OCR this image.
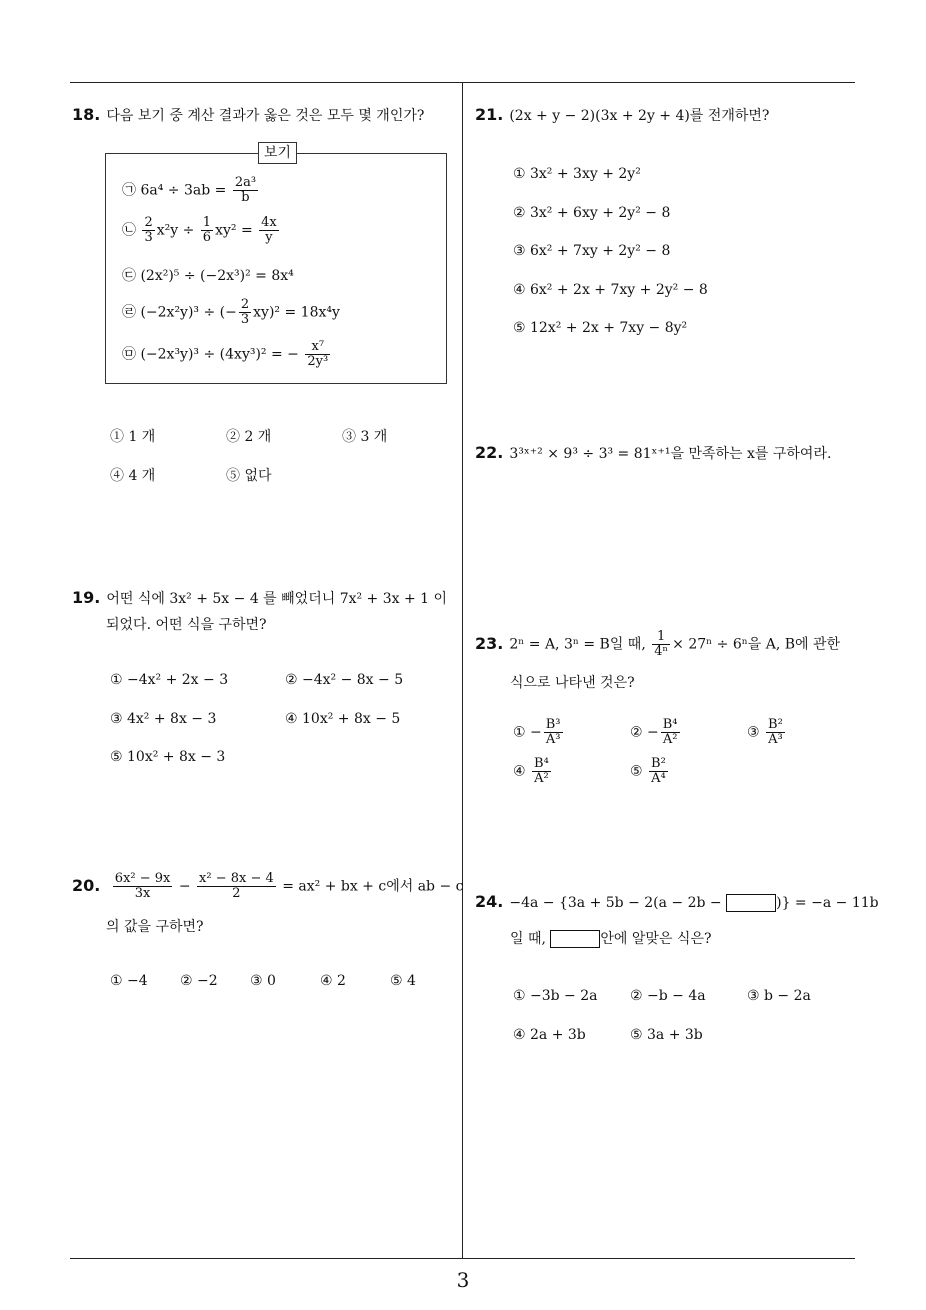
18. 다음 보기 중 계산 결과가 옳은 것은 모두 몇 개인가?
보기
㉠ $6a^4 \div 3ab = \frac{\text{2a³}}{b}$
㉡ $\frac{2}{3} x^2y \div \frac{1}{6} xy^2 = \frac{4x}{y}$
㉢ (2x²)⁵ ÷ (−2x³)² = 8x⁴
㉣ (−2x²y)³ ÷ (− $\frac{2}{3} xy)^2 = 18x^4y$
㉤ (−2x³y)³ ÷ (4xy³)² = − $\frac{\text{x⁷}}{\text{2y³}}$
① 1 개	② 2 개	③ 3 개
④ 4 개	⑤ 없다
19. 어떤 식에 3x² + 5x − 4 를 빼었더니 7x² + 3x + 1 이
되었다. 어떤 식을 구하면?
① −4x² + 2x − 3	② −4x² − 8x − 5
③ 4x² + 8x − 3	④ 10x² + 8x − 5
⑤ 10x² + 8x − 3
20. $\frac{\text{6x² − 9x}}{3x} - \frac{\text{x² − 8x − 4}}{2} = ax^2$ + bx + c에서 ab − c
의 값을 구하면?
① −4 ② −2 ③ 0	④ 2	⑤ 4
21. (2x + y − 2)(3x + 2y + 4)를 전개하면?
① 3x² + 3xy + 2y²
② 3x² + 6xy + 2y² − 8
③ 6x² + 7xy + 2y² − 8
④ 6x² + 2x + 7xy + 2y² − 8
⑤ 12x² + 2x + 7xy − 8y²
22. 3³ˣ⁺² × 9³ ÷ 3³ = 81ˣ⁺¹을 만족하는 x를 구하여라.
23. 2ⁿ = A, 3ⁿ = B일 때, $\frac{1}{\text{4ⁿ}} \times 27^n \div 6^n$을 A, B에 관한
식으로 나타낸 것은?
① − $\frac{\text{B³}}{\text{A³}}$	② − $\frac{\text{B⁴}}{\text{A²}}$	③ $\frac{\text{B²}}{\text{A³}}$
④ $\frac{\text{B⁴}}{\text{A²}}$	⑤ $\frac{\text{B²}}{\text{A⁴}}$
24. −4a − {3a + 5b − 2(a − 2b −	)} = −a − 11b
일 때,	안에 알맞은 식은?
① −3b − 2a ② −b − 4a	③ b − 2a
④ 2a + 3b	⑤ 3a + 3b
3
